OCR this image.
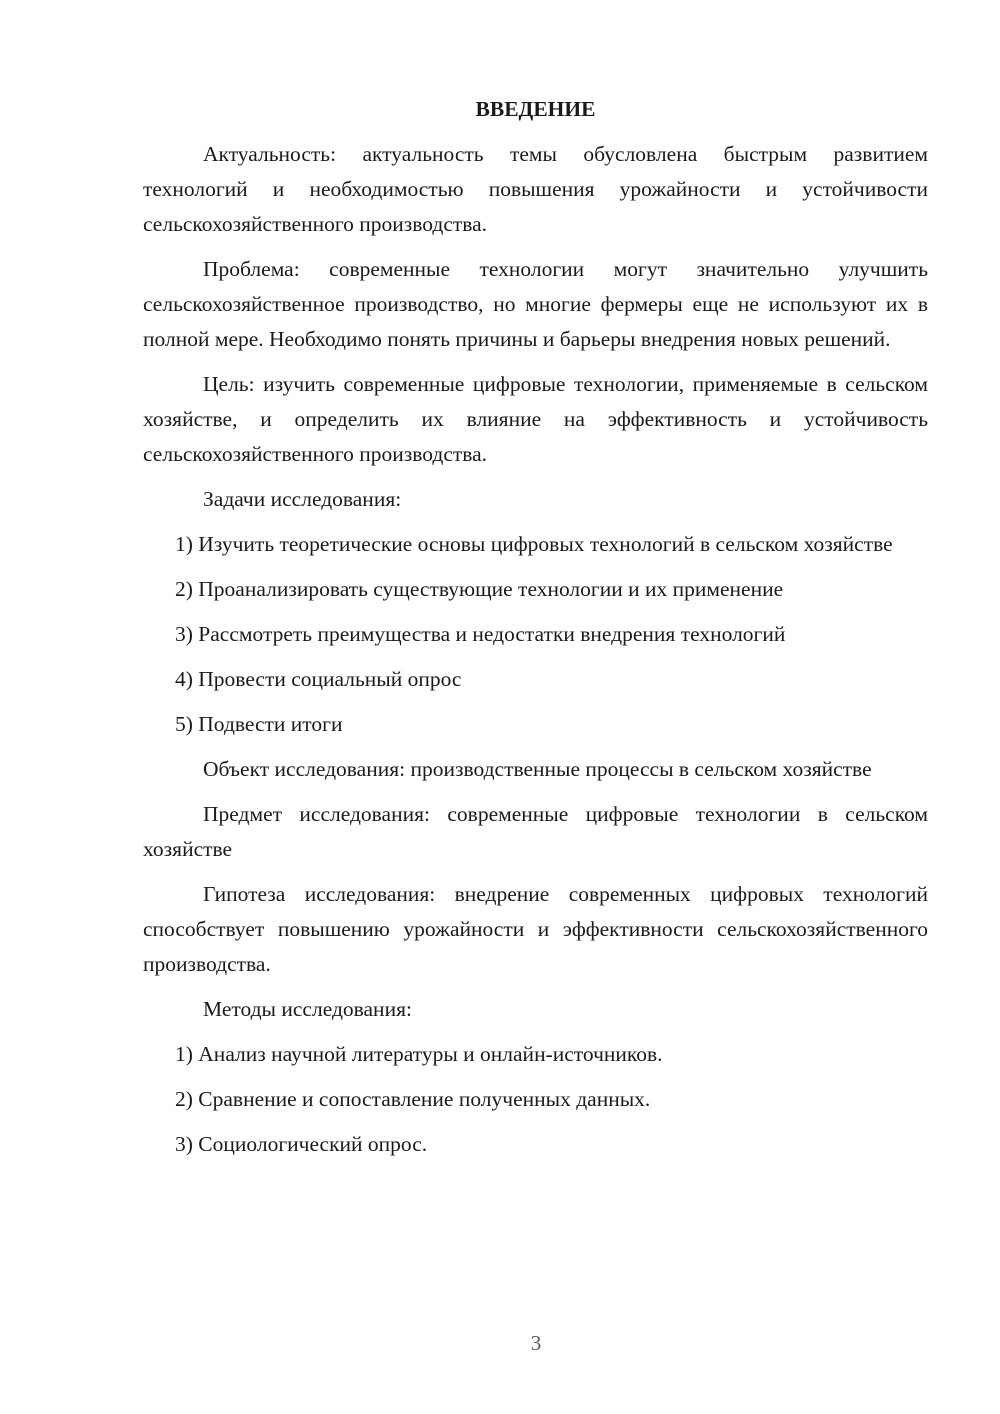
ВВЕДЕНИЕ

Актуальность: актуальность темы обусловлена быстрым развитием технологий и необходимостью повышения урожайности и устойчивости сельскохозяйственного производства.

Проблема: современные технологии могут значительно улучшить сельскохозяйственное производство, но многие фермеры еще не используют их в полной мере. Необходимо понять причины и барьеры внедрения новых решений.

Цель: изучить современные цифровые технологии, применяемые в сельском хозяйстве, и определить их влияние на эффективность и устойчивость сельскохозяйственного производства.

Задачи исследования:

1) Изучить теоретические основы цифровых технологий в сельском хозяйстве

2) Проанализировать существующие технологии и их применение

3) Рассмотреть преимущества и недостатки внедрения технологий

4) Провести социальный опрос

5) Подвести итоги

Объект исследования: производственные процессы в сельском хозяйстве

Предмет исследования: современные цифровые технологии в сельском хозяйстве

Гипотеза исследования: внедрение современных цифровых технологий способствует повышению урожайности и эффективности сельскохозяйственного производства.

Методы исследования:

1) Анализ научной литературы и онлайн-источников.

2) Сравнение и сопоставление полученных данных.

3) Социологический опрос.

3
